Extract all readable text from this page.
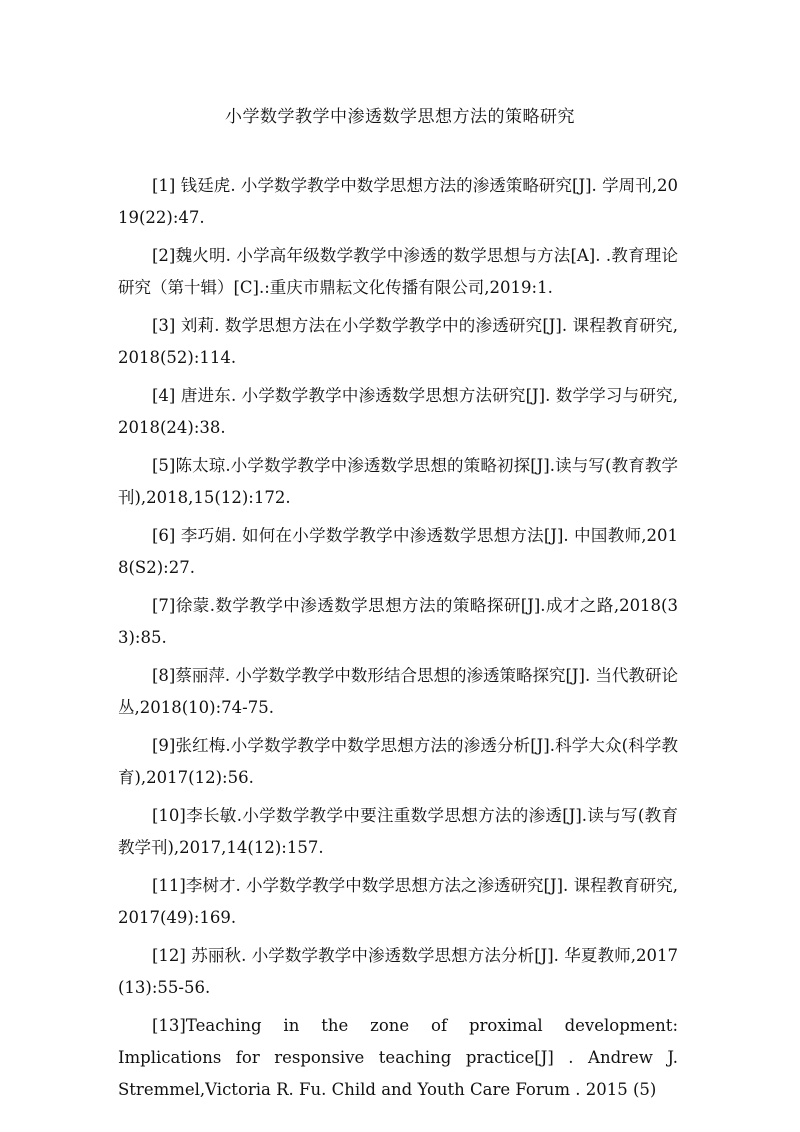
小学数学教学中渗透数学思想方法的策略研究

[1] 钱廷虎. 小学数学教学中数学思想方法的渗透策略研究[J]. 学周刊,2019(22):47.

[2]魏火明. 小学高年级数学教学中渗透的数学思想与方法[A]. .教育理论研究（第十辑）[C].:重庆市鼎耘文化传播有限公司,2019:1.

[3] 刘莉. 数学思想方法在小学数学教学中的渗透研究[J]. 课程教育研究,2018(52):114.

[4] 唐进东. 小学数学教学中渗透数学思想方法研究[J]. 数学学习与研究,2018(24):38.

[5]陈太琼.小学数学教学中渗透数学思想的策略初探[J].读与写(教育教学刊),2018,15(12):172.

[6] 李巧娟. 如何在小学数学教学中渗透数学思想方法[J]. 中国教师,2018(S2):27.

[7]徐蒙.数学教学中渗透数学思想方法的策略探研[J].成才之路,2018(33):85.

[8]蔡丽萍. 小学数学教学中数形结合思想的渗透策略探究[J]. 当代教研论丛,2018(10):74-75.

[9]张红梅.小学数学教学中数学思想方法的渗透分析[J].科学大众(科学教育),2017(12):56.

[10]李长敏.小学数学教学中要注重数学思想方法的渗透[J].读与写(教育教学刊),2017,14(12):157.

[11]李树才. 小学数学教学中数学思想方法之渗透研究[J]. 课程教育研究,2017(49):169.

[12] 苏丽秋. 小学数学教学中渗透数学思想方法分析[J]. 华夏教师,2017(13):55-56.

[13]Teaching in the zone of proximal development: Implications for responsive teaching practice[J] . Andrew J. Stremmel,Victoria R. Fu. Child and Youth Care Forum . 2015 (5)
